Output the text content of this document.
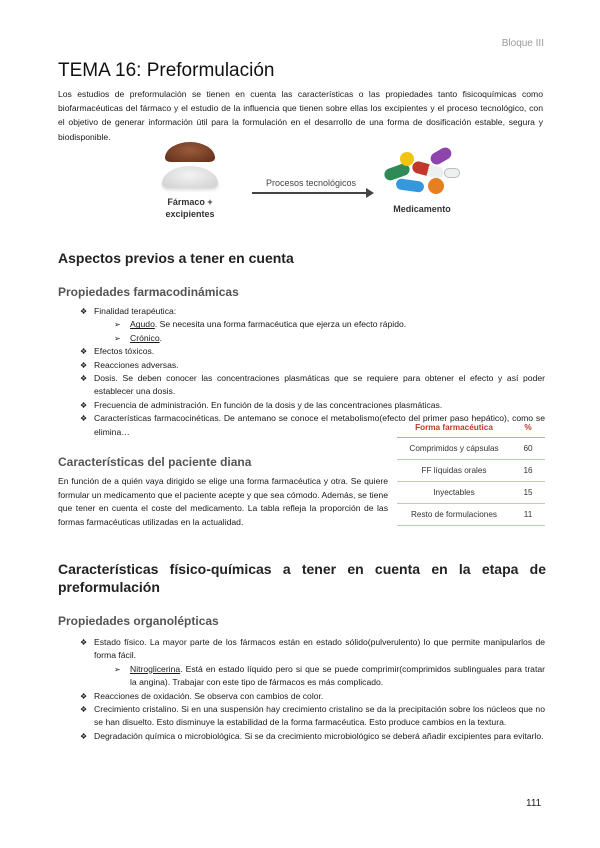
Bloque III
TEMA 16: Preformulación

Los estudios de preformulación se tienen en cuenta las características o las propiedades tanto fisicoquímicas como biofarmacéuticas del fármaco y el estudio de la influencia que tienen sobre ellas los excipientes y el proceso tecnológico, con el objetivo de generar información útil para la formulación en el desarrollo de una forma de dosificación estable, segura y biodisponible.

Fármaco +
excipientes
Procesos tecnológicos
Medicamento
Aspectos previos a tener en cuenta
Propiedades farmacodinámicas
❖ Finalidad terapéutica:
➢ Agudo. Se necesita una forma farmacéutica que ejerza un efecto rápido.
➢ Crónico.
❖ Efectos tóxicos.
❖ Reacciones adversas.
❖ Dosis. Se deben conocer las concentraciones plasmáticas que se requiere para obtener el efecto y así poder establecer una dosis.
❖ Frecuencia de administración. En función de la dosis y de las concentraciones plasmáticas.
❖ Características farmacocinéticas. De antemano se conoce el metabolismo(efecto del primer paso hepático), como se elimina…
Características del paciente diana

En función de a quién vaya dirigido se elige una forma farmacéutica y otra. Se quiere formular un medicamento que el paciente acepte y que sea cómodo. Además, se tiene que tener en cuenta el coste del medicamento. La tabla refleja la proporción de las formas farmacéuticas utilizadas en la actualidad.

Forma farmacéutica	%
Comprimidos y cápsulas	60
FF líquidas orales	16
Inyectables	15
Resto de formulaciones	11
Características físico-químicas a tener en cuenta en la etapa de preformulación
Propiedades organolépticas
❖ Estado físico. La mayor parte de los fármacos están en estado sólido(pulverulento) lo que permite manipularlos de forma fácil.
➢ Nitroglicerina. Está en estado líquido pero si que se puede comprimir(comprimidos sublinguales para tratar la angina). Trabajar con este tipo de fármacos es más complicado.
❖ Reacciones de oxidación. Se observa con cambios de color.
❖ Crecimiento cristalino. Si en una suspensión hay crecimiento cristalino se da la precipitación sobre los núcleos que no se han disuelto. Esto disminuye la estabilidad de la forma farmacéutica. Esto produce cambios en la textura.
❖ Degradación química o microbiológica. Si se da crecimiento microbiológico se deberá añadir excipientes para evitarlo.
111
